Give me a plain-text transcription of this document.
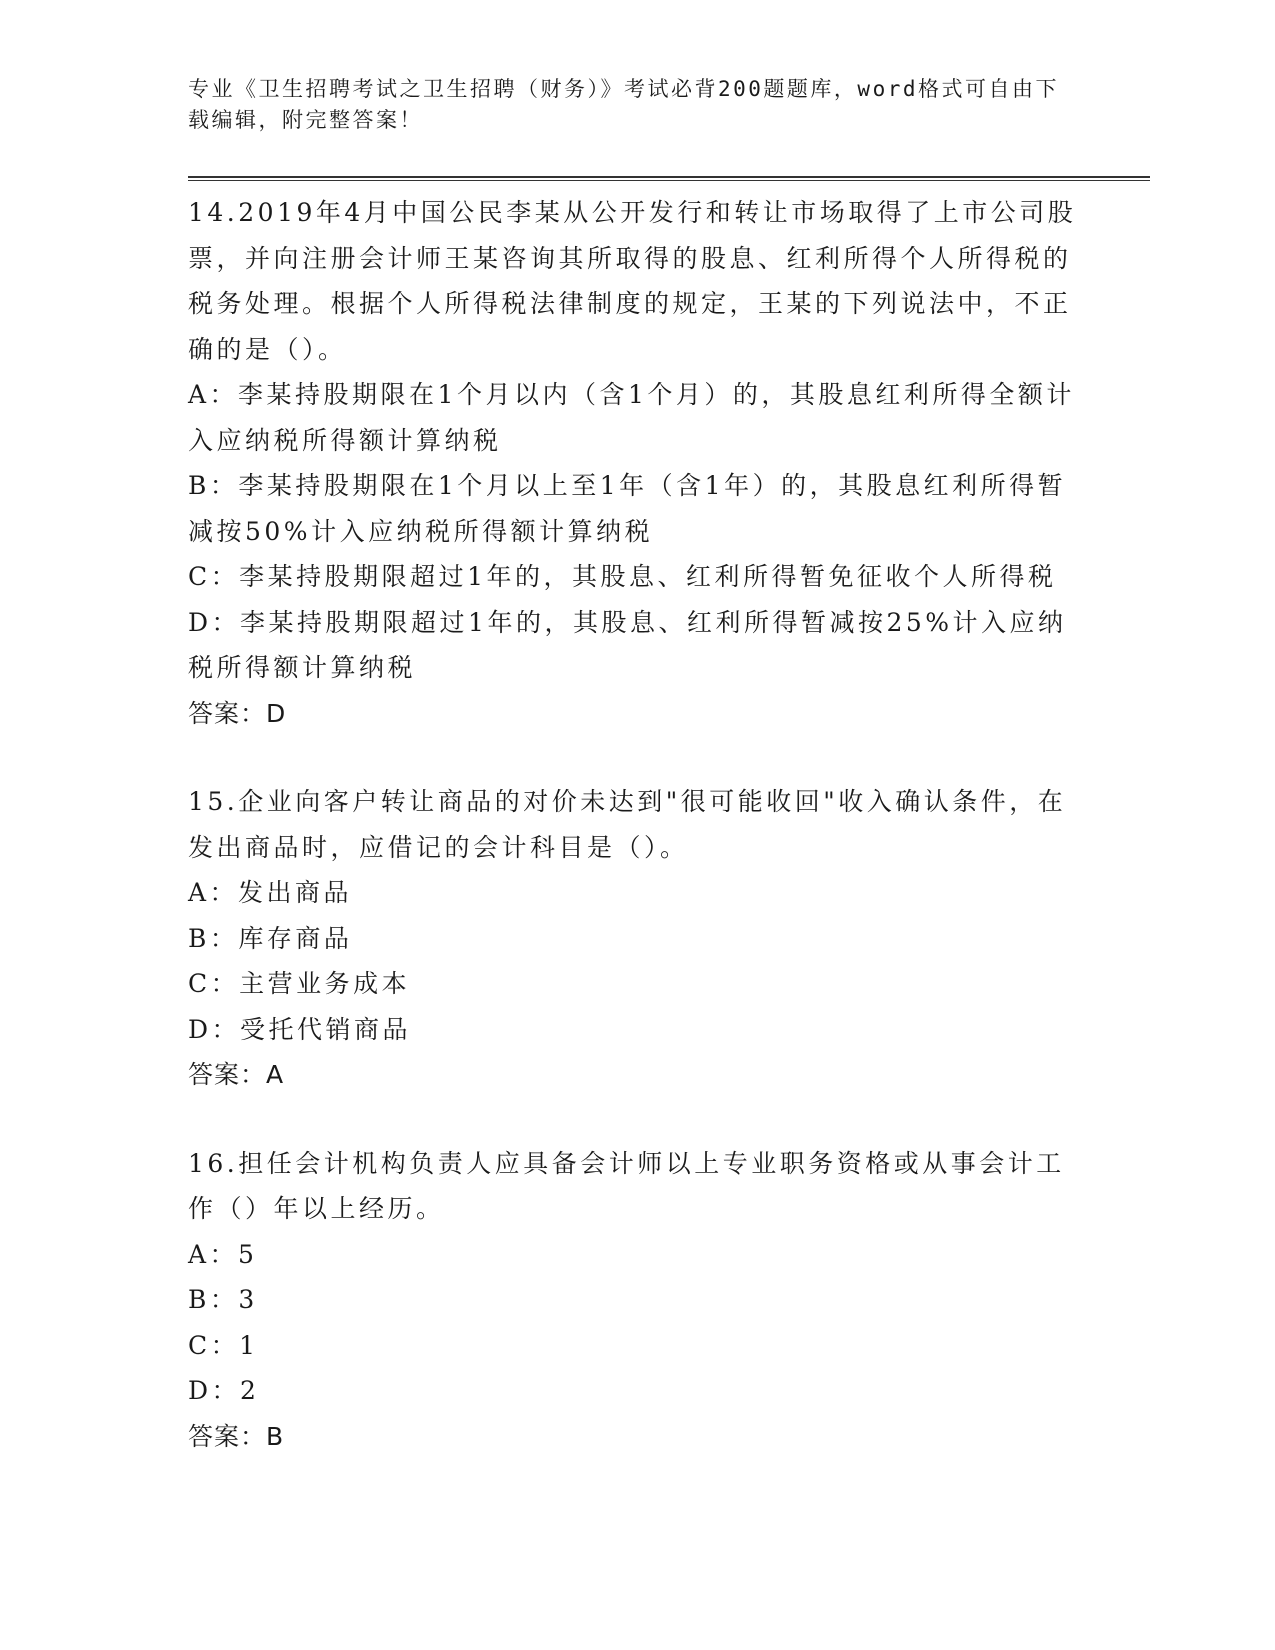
专业《卫生招聘考试之卫生招聘（财务）》考试必背200题题库，word格式可自由下载编辑，附完整答案！

14.2019年4月中国公民李某从公开发行和转让市场取得了上市公司股票，并向注册会计师王某咨询其所取得的股息、红利所得个人所得税的税务处理。根据个人所得税法律制度的规定，王某的下列说法中，不正确的是（）。

A：李某持股期限在1个月以内（含1个月）的，其股息红利所得全额计入应纳税所得额计算纳税

B：李某持股期限在1个月以上至1年（含1年）的，其股息红利所得暂减按50%计入应纳税所得额计算纳税

C：李某持股期限超过1年的，其股息、红利所得暂免征收个人所得税

D：李某持股期限超过1年的，其股息、红利所得暂减按25%计入应纳税所得额计算纳税

答案：D

15.企业向客户转让商品的对价未达到"很可能收回"收入确认条件，在发出商品时，应借记的会计科目是（）。

A：发出商品

B：库存商品

C：主营业务成本

D：受托代销商品

答案：A

16.担任会计机构负责人应具备会计师以上专业职务资格或从事会计工作（）年以上经历。

A：5

B：3

C：1

D：2

答案：B
